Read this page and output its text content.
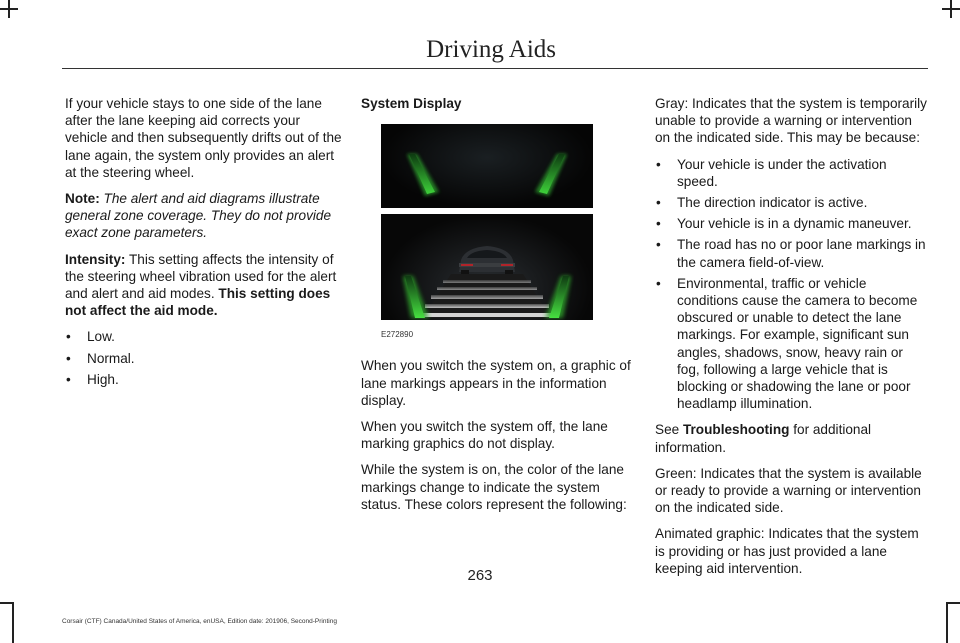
Driving Aids

If your vehicle stays to one side of the lane after the lane keeping aid corrects your vehicle and then subsequently drifts out of the lane again, the system only provides an alert at the steering wheel.

Note: The alert and aid diagrams illustrate general zone coverage. They do not provide exact zone parameters.

Intensity: This setting affects the intensity of the steering wheel vibration used for the alert and alert and aid modes. This setting does not affect the aid mode.

• Low.
• Normal.
• High.

System Display

E272890

When you switch the system on, a graphic of lane markings appears in the information display.

When you switch the system off, the lane marking graphics do not display.

While the system is on, the color of the lane markings change to indicate the system status. These colors represent the following:

Gray: Indicates that the system is temporarily unable to provide a warning or intervention on the indicated side. This may be because:

• Your vehicle is under the activation speed.
• The direction indicator is active.
• Your vehicle is in a dynamic maneuver.
• The road has no or poor lane markings in the camera field-of-view.
• Environmental, traffic or vehicle conditions cause the camera to become obscured or unable to detect the lane markings. For example, significant sun angles, shadows, snow, heavy rain or fog, following a large vehicle that is blocking or shadowing the lane or poor headlamp illumination.

See Troubleshooting for additional information.

Green: Indicates that the system is available or ready to provide a warning or intervention on the indicated side.

Animated graphic: Indicates that the system is providing or has just provided a lane keeping aid intervention.

263
Corsair (CTF) Canada/United States of America, enUSA, Edition date: 201906, Second-Printing
